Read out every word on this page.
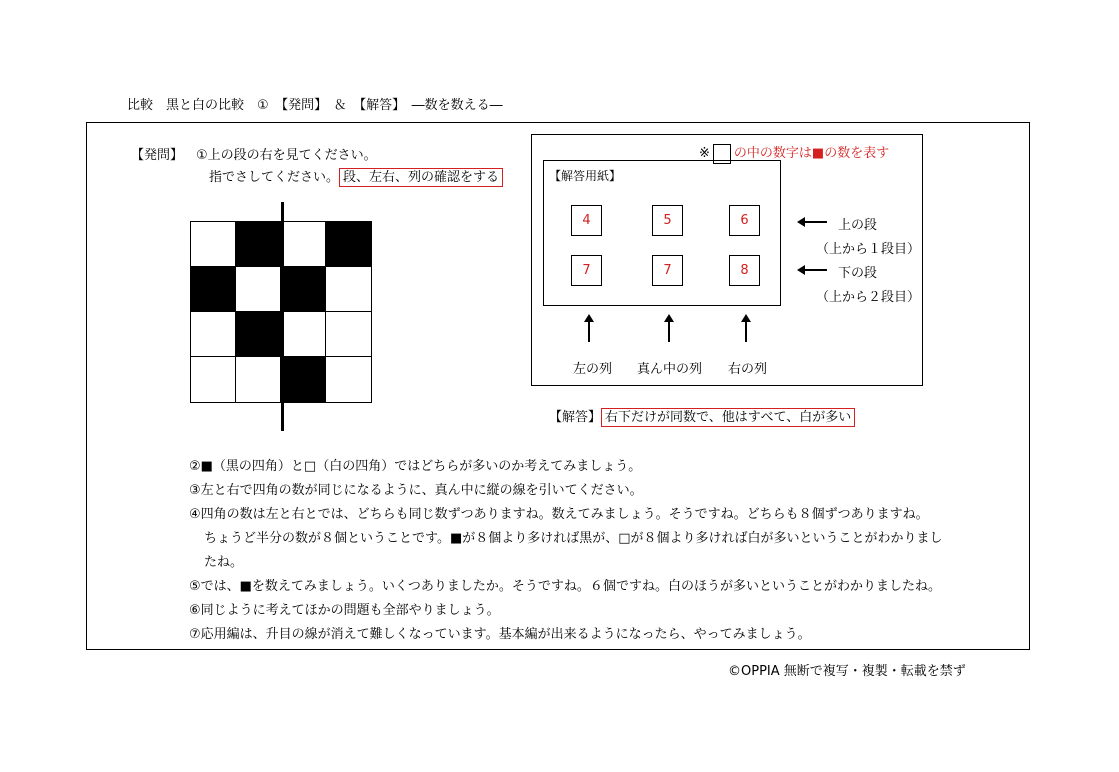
比較　黒と白の比較　①　【発問】　＆　【解答】　―数を数える―
【発問】 ①上の段の右を見てください。
指でさしてください。 段、左右、列の確認をする
※ の中の数字は■の数を表す
【解答用紙】
4	5	6
7	7	8
上の段
（上から１段目）
下の段
（上から２段目）
左の列 真ん中の列 右の列
【解答】 右下だけが同数で、他はすべて、白が多い
②■（黒の四角）と□（白の四角）ではどちらが多いのか考えてみましょう。
③左と右で四角の数が同じになるように、真ん中に縦の線を引いてください。
④四角の数は左と右とでは、どちらも同じ数ずつありますね。数えてみましょう。そうですね。どちらも８個ずつありますね。
ちょうど半分の数が８個ということです。■が８個より多ければ黒が、□が８個より多ければ白が多いということがわかりまし
たね。
⑤では、■を数えてみましょう。いくつありましたか。そうですね。６個ですね。白のほうが多いということがわかりましたね。
⑥同じように考えてほかの問題も全部やりましょう。
⑦応用編は、升目の線が消えて難しくなっています。基本編が出来るようになったら、やってみましょう。
©OPPIA 無断で複写・複製・転載を禁ず
